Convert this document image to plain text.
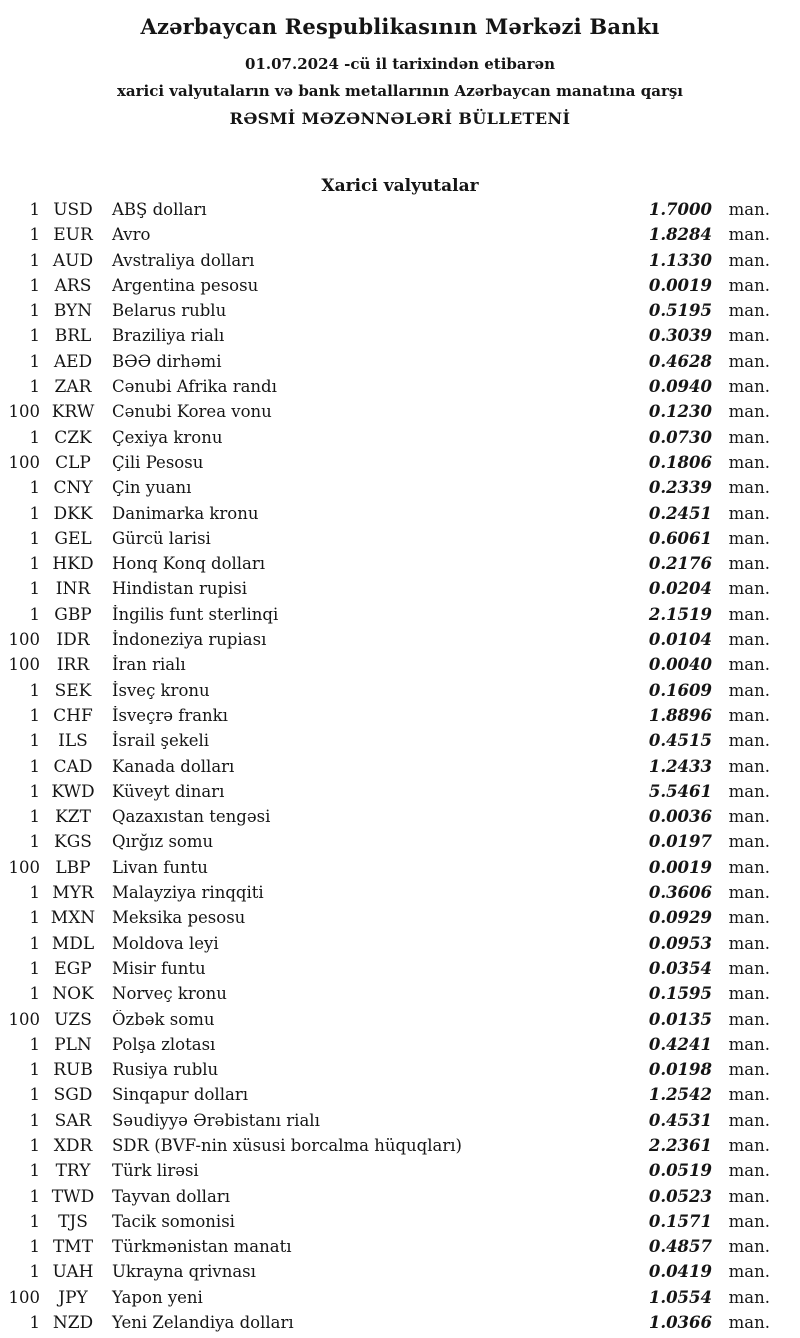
Azərbaycan Respublikasının Mərkəzi Bankı
01.07.2024 -cü il tarixindən etibarən
xarici valyutaların və bank metallarının Azərbaycan manatına qarşı
RƏSMİ MƏZƏNNƏLƏRİ BÜLLETENİ
Xarici valyutalar
1 USD	ABŞ dolları	1.7000	man.
1 EUR	Avro	1.8284	man.
1 AUD	Avstraliya dolları	1.1330	man.
1 ARS	Argentina pesosu	0.0019	man.
1 BYN	Belarus rublu	0.5195	man.
1 BRL	Braziliya rialı	0.3039	man.
1 AED	BƏƏ dirhəmi	0.4628	man.
1 ZAR	Cənubi Afrika randı	0.0940	man.
100 KRW	Cənubi Korea vonu	0.1230	man.
1 CZK	Çexiya kronu	0.0730	man.
100 CLP	Çili Pesosu	0.1806	man.
1 CNY	Çin yuanı	0.2339	man.
1 DKK	Danimarka kronu	0.2451	man.
1 GEL	Gürcü larisi	0.6061	man.
1 HKD	Honq Konq dolları	0.2176	man.
1 INR	Hindistan rupisi	0.0204	man.
1 GBP	İngilis funt sterlinqi	2.1519	man.
100 IDR	İndoneziya rupiası	0.0104	man.
100 IRR	İran rialı	0.0040	man.
1 SEK	İsveç kronu	0.1609	man.
1 CHF	İsveçrə frankı	1.8896	man.
1	ILS	İsrail şekeli	0.4515	man.
1 CAD	Kanada dolları	1.2433	man.
1 KWD	Küveyt dinarı	5.5461	man.
1 KZT	Qazaxıstan tengəsi	0.0036	man.
1 KGS	Qırğız somu	0.0197	man.
100 LBP	Livan funtu	0.0019	man.
1 MYR	Malayziya rinqqiti	0.3606	man.
1 MXN	Meksika pesosu	0.0929	man.
1 MDL	Moldova leyi	0.0953	man.
1 EGP	Misir funtu	0.0354	man.
1 NOK	Norveç kronu	0.1595	man.
100 UZS	Özbək somu	0.0135	man.
1 PLN	Polşa zlotası	0.4241	man.
1 RUB	Rusiya rublu	0.0198	man.
1 SGD	Sinqapur dolları	1.2542	man.
1 SAR	Səudiyyə Ərəbistanı rialı	0.4531	man.
1 XDR	SDR (BVF-nin xüsusi borcalma hüquqları)	2.2361	man.
1 TRY	Türk lirəsi	0.0519	man.
1 TWD	Tayvan dolları	0.0523	man.
1	TJS	Tacik somonisi	0.1571	man.
1 TMT	Türkmənistan manatı	0.4857	man.
1 UAH	Ukrayna qrivnası	0.0419	man.
100	JPY	Yapon yeni	1.0554	man.
1 NZD	Yeni Zelandiya dolları	1.0366	man.
